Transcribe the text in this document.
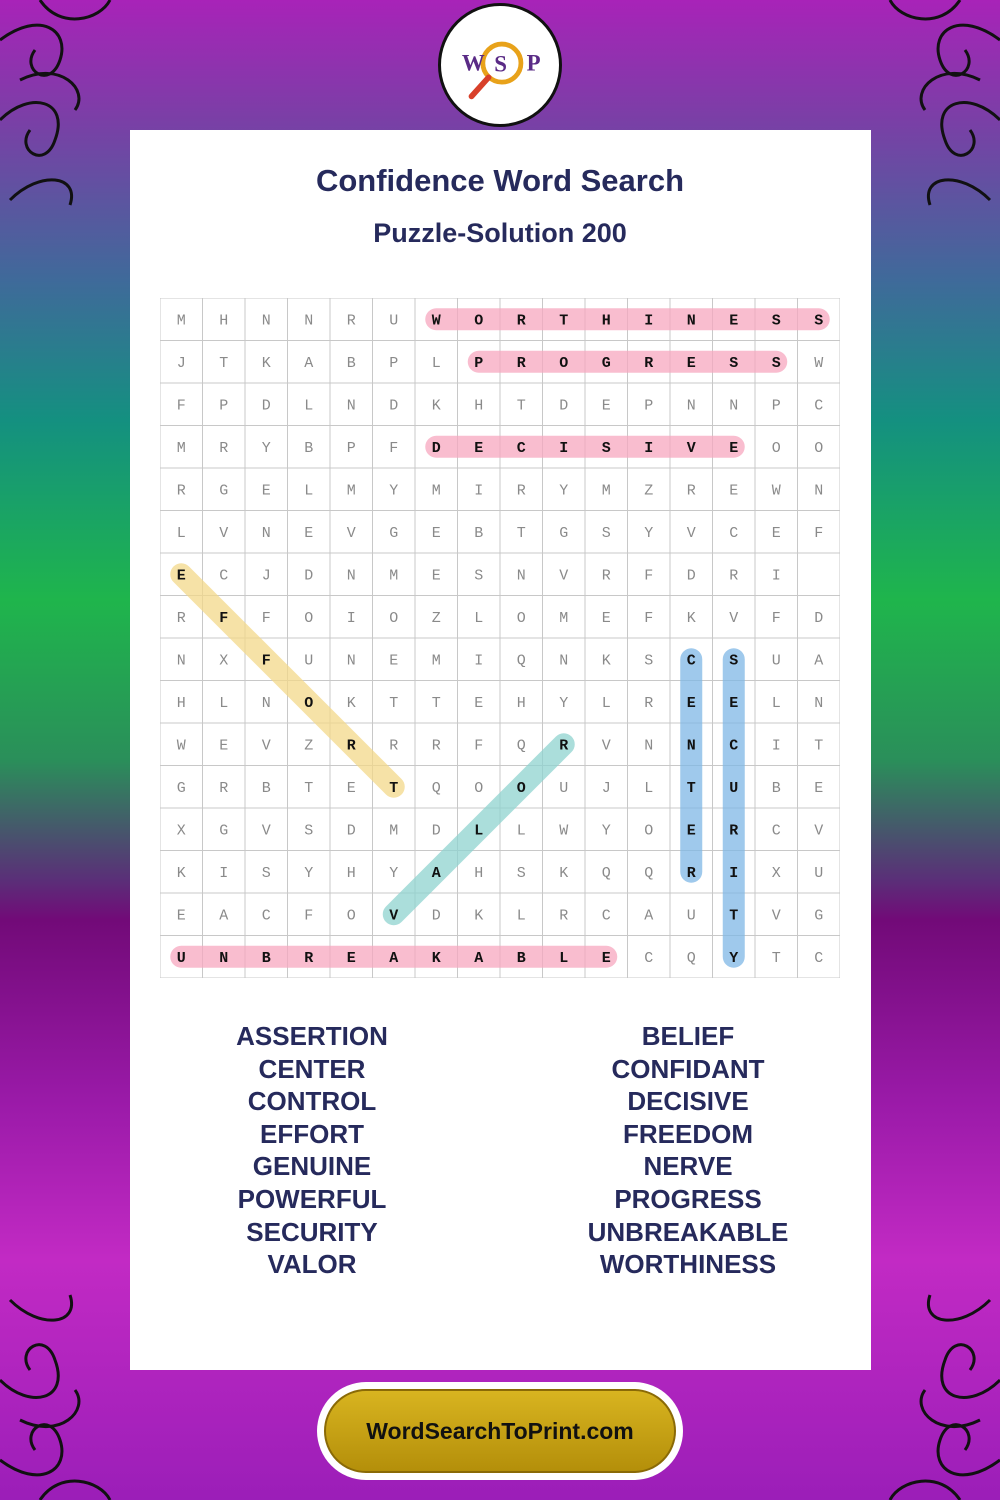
W S P
Confidence Word Search
Puzzle-Solution 200
M H N N R U W O R T H I N E S S
J T K A B P L P R O G R E S S W
F P D L N D K H T D E P N N P C
M R Y B P F D E C I S I V E O O
R G E L M Y M I R Y M Z R E W N
L V N E V G E B T G S Y V C E F
E C J D N M E S N V R F D R I
R F F O I O Z L O M E F K V F D
N X F U N E M I Q N K S C S U A
H L N O K T T E H Y L R E E L N
W E V Z R R R F Q R V N N C I T
G R B T E T Q O O U J L T U B E
X G V S D M D L L W Y O E R C V
K I S Y H Y A H S K Q Q R I X U
E A C F O V D K L R C A U T V G
U N B R E A K A B L E C Q Y T C
ASSERTION
CENTER
CONTROL
EFFORT
GENUINE
POWERFUL
SECURITY
VALOR
BELIEF
CONFIDANT
DECISIVE
FREEDOM
NERVE
PROGRESS
UNBREAKABLE
WORTHINESS
WordSearchToPrint.com
